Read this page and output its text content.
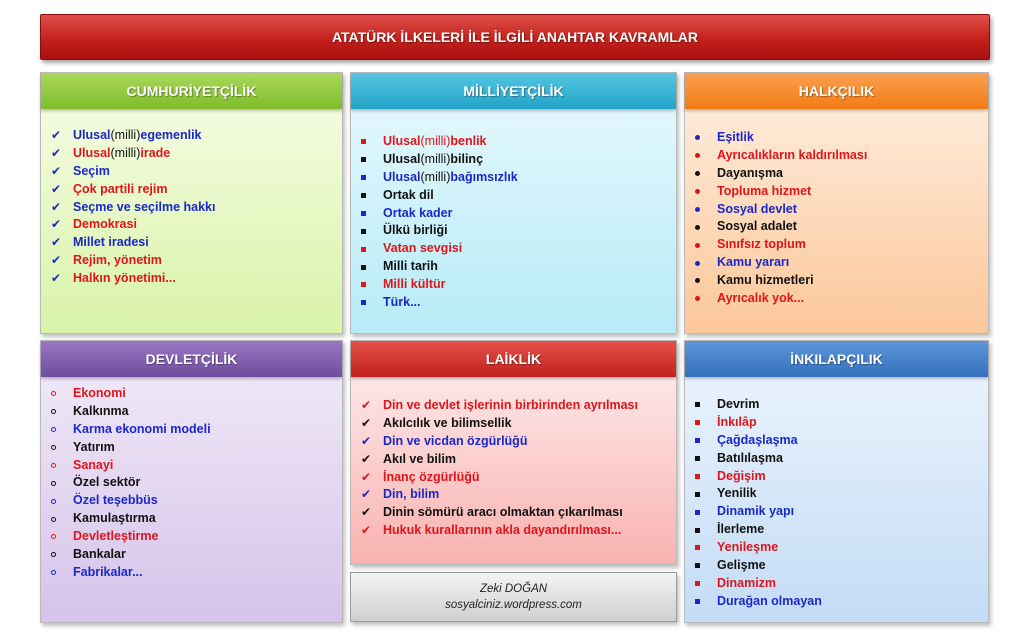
ATATÜRK İLKELERİ İLE İLGİLİ ANAHTAR KAVRAMLAR
CUMHURİYETÇİLİK
✔
Ulusal (milli) egemenlik
✔
Ulusal (milli) irade
✔
Seçim
✔
Çok partili rejim
✔
Seçme ve seçilme hakkı
✔
Demokrasi
✔
Millet iradesi
✔
Rejim, yönetim
✔
Halkın yönetimi...
MİLLİYETÇİLİK
Ulusal (milli) benlik
Ulusal (milli) bilinç
Ulusal (milli) bağımsızlık
Ortak dil
Ortak kader
Ülkü birliği
Vatan sevgisi
Milli tarih
Milli kültür
Türk...
HALKÇILIK
Eşitlik
Ayrıcalıkların kaldırılması
Dayanışma
Topluma hizmet
Sosyal devlet
Sosyal adalet
Sınıfsız toplum
Kamu yararı
Kamu hizmetleri
Ayrıcalık yok...
DEVLETÇİLİK
Ekonomi
Kalkınma
Karma ekonomi modeli
Yatırım
Sanayi
Özel sektör
Özel teşebbüs
Kamulaştırma
Devletleştirme
Bankalar
Fabrikalar...
LAİKLİK
✔
Din ve devlet işlerinin birbirinden ayrılması
✔
Akılcılık ve bilimsellik
✔
Din ve vicdan özgürlüğü
✔
Akıl ve bilim
✔
İnanç özgürlüğü
✔
Din, bilim
✔
Dinin sömürü aracı olmaktan çıkarılması
✔
Hukuk kurallarının akla dayandırılması...
Zeki DOĞAN
sosyalciniz.wordpress.com
İNKILAPÇILIK
Devrim
İnkılâp
Çağdaşlaşma
Batılılaşma
Değişim
Yenilik
Dinamik yapı
İlerleme
Yenileşme
Gelişme
Dinamizm
Durağan olmayan
